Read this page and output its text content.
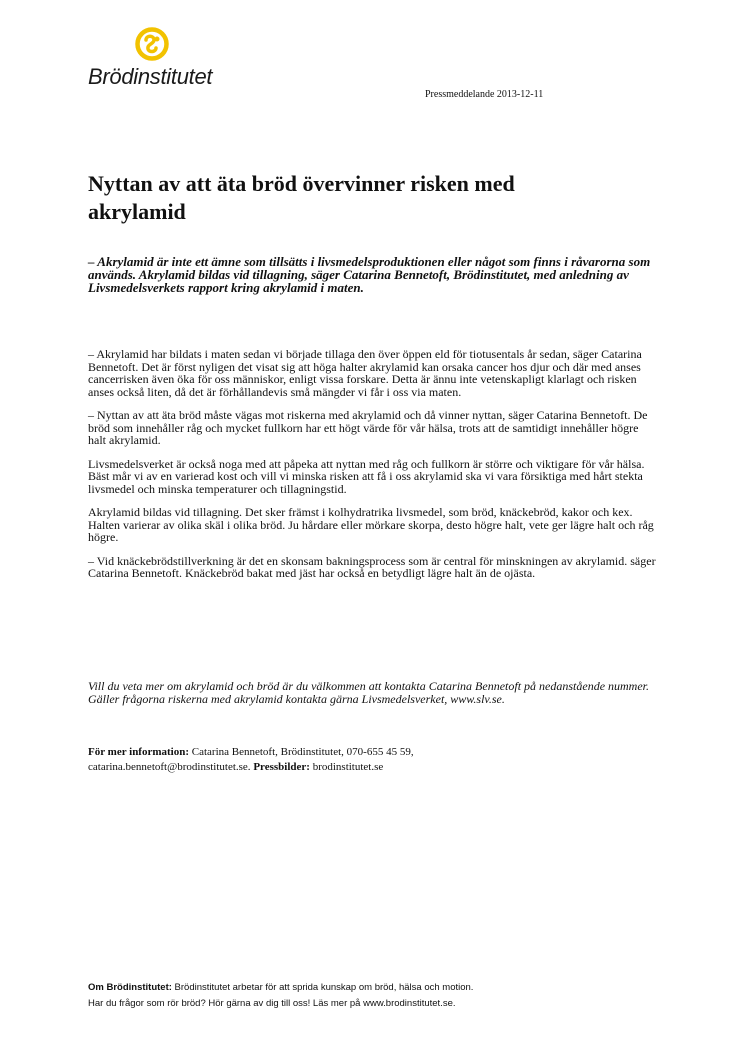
Brödinstitutet
Pressmeddelande 2013-12-11
Nyttan av att äta bröd övervinner risken med akrylamid

– Akrylamid är inte ett ämne som tillsätts i livsmedelsproduktionen eller något som finns i råvarorna som används. Akrylamid bildas vid tillagning, säger Catarina Bennetoft, Brödinstitutet, med anledning av Livsmedelsverkets rapport kring akrylamid i maten.

– Akrylamid har bildats i maten sedan vi började tillaga den över öppen eld för tiotusentals år sedan, säger Catarina Bennetoft. Det är först nyligen det visat sig att höga halter akrylamid kan orsaka cancer hos djur och där med anses cancerrisken även öka för oss människor, enligt vissa forskare. Detta är ännu inte vetenskapligt klarlagt och risken anses också liten, då det är förhållandevis små mängder vi får i oss via maten.

– Nyttan av att äta bröd måste vägas mot riskerna med akrylamid och då vinner nyttan, säger Catarina Bennetoft. De bröd som innehåller råg och mycket fullkorn har ett högt värde för vår hälsa, trots att de samtidigt innehåller högre halt akrylamid.

Livsmedelsverket är också noga med att påpeka att nyttan med råg och fullkorn är större och viktigare för vår hälsa. Bäst mår vi av en varierad kost och vill vi minska risken att få i oss akrylamid ska vi vara försiktiga med hårt stekta livsmedel och minska temperaturer och tillagningstid.

Akrylamid bildas vid tillagning. Det sker främst i kolhydratrika livsmedel, som bröd, knäckebröd, kakor och kex. Halten varierar av olika skäl i olika bröd. Ju hårdare eller mörkare skorpa, desto högre halt, vete ger lägre halt och råg högre.

– Vid knäckebrödstillverkning är det en skonsam bakningsprocess som är central för minskningen av akrylamid. säger Catarina Bennetoft. Knäckebröd bakat med jäst har också en betydligt lägre halt än de ojästa.

Vill du veta mer om akrylamid och bröd är du välkommen att kontakta Catarina Bennetoft på nedanstående nummer. Gäller frågorna riskerna med akrylamid kontakta gärna Livsmedelsverket, www.slv.se.

För mer information: Catarina Bennetoft, Brödinstitutet, 070-655 45 59,
catarina.bennetoft@brodinstitutet.se. Pressbilder: brodinstitutet.se
Om Brödinstitutet: Brödinstitutet arbetar för att sprida kunskap om bröd, hälsa och motion.
Har du frågor som rör bröd? Hör gärna av dig till oss! Läs mer på www.brodinstitutet.se.
